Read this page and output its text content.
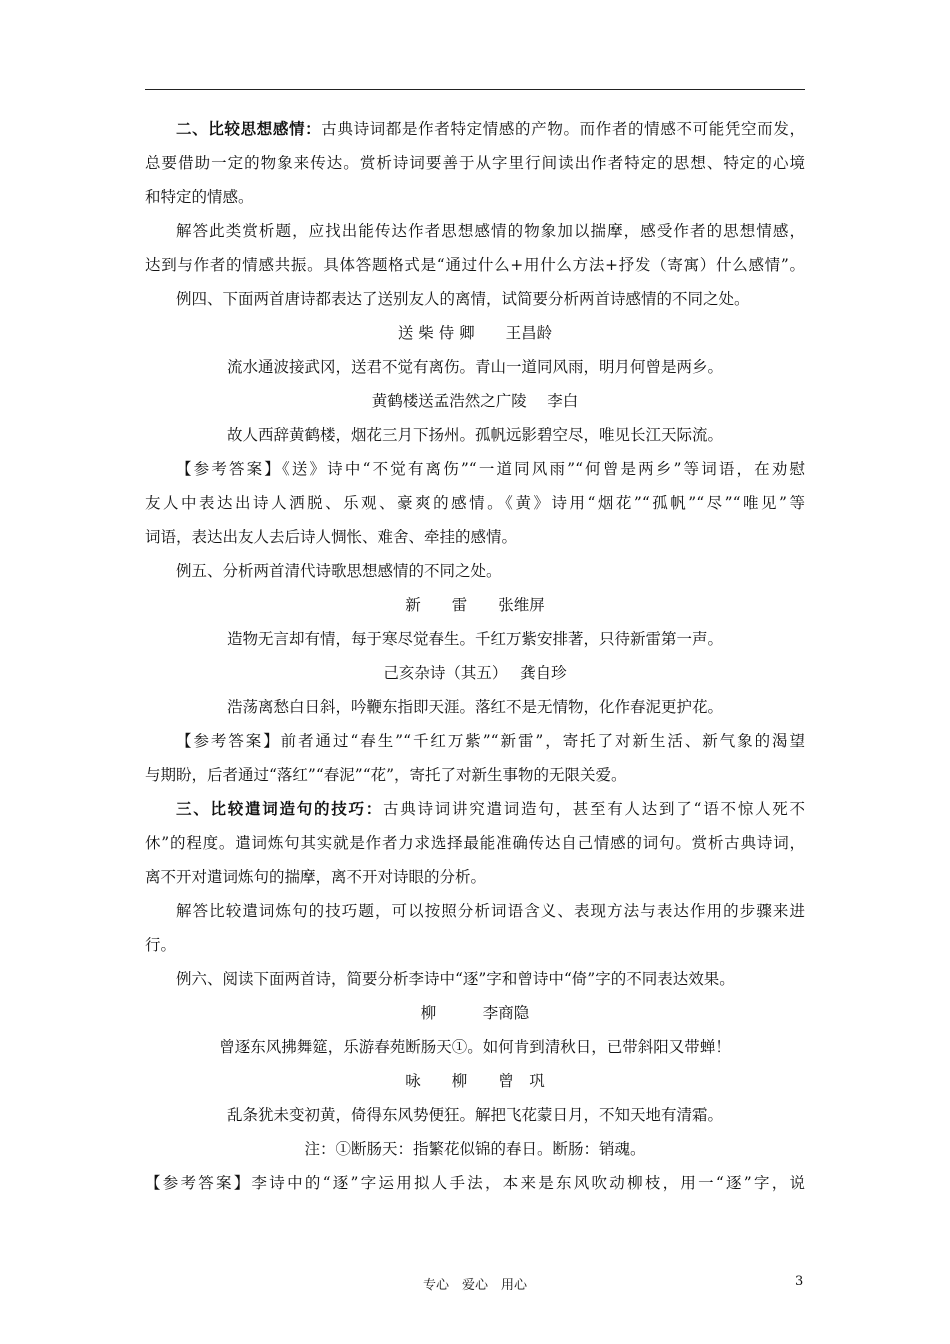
二、比较思想感情：古典诗词都是作者特定情感的产物。而作者的情感不可能凭空而发，
总要借助一定的物象来传达。赏析诗词要善于从字里行间读出作者特定的思想、特定的心境
和特定的情感。
解答此类赏析题，应找出能传达作者思想感情的物象加以揣摩，感受作者的思想情感，
达到与作者的情感共振。具体答题格式是“通过什么+用什么方法+抒发（寄寓）什么感情”。
例四、下面两首唐诗都表达了送别友人的离情，试简要分析两首诗感情的不同之处。
送 柴 侍 卿　　王昌龄
流水通波接武冈，送君不觉有离伤。青山一道同风雨，明月何曾是两乡。
黄鹤楼送孟浩然之广陵　 李白
故人西辞黄鹤楼，烟花三月下扬州。孤帆远影碧空尽，唯见长江天际流。
【参考答案】《送》诗中“不觉有离伤”“一道同风雨”“何曾是两乡”等词语，在劝慰
友人中表达出诗人洒脱、乐观、豪爽的感情。《黄》诗用“烟花”“孤帆”“尽”“唯见”等
词语，表达出友人去后诗人惆怅、难舍、牵挂的感情。
例五、分析两首清代诗歌思想感情的不同之处。
新　　雷　　张维屏
造物无言却有情，每于寒尽觉春生。千红万紫安排著，只待新雷第一声。
己亥杂诗（其五）　 龚自珍
浩荡离愁白日斜，吟鞭东指即天涯。落红不是无情物，化作春泥更护花。
【参考答案】前者通过“春生”“千红万紫”“新雷”，寄托了对新生活、新气象的渴望
与期盼，后者通过“落红”“春泥”“花”，寄托了对新生事物的无限关爱。
三、比较遣词造句的技巧：古典诗词讲究遣词造句，甚至有人达到了“语不惊人死不
休”的程度。遣词炼句其实就是作者力求选择最能准确传达自己情感的词句。赏析古典诗词，
离不开对遣词炼句的揣摩，离不开对诗眼的分析。
解答比较遣词炼句的技巧题，可以按照分析词语含义、表现方法与表达作用的步骤来进
行。
例六、阅读下面两首诗，简要分析李诗中“逐”字和曾诗中“倚”字的不同表达效果。
柳　　　李商隐
曾逐东风拂舞筵，乐游春苑断肠天①。如何肯到清秋日，已带斜阳又带蝉！
咏　　柳　　曾　巩
乱条犹未变初黄，倚得东风势便狂。解把飞花蒙日月，不知天地有清霜。
注：①断肠天：指繁花似锦的春日。断肠：销魂。
【参考答案】李诗中的“逐”字运用拟人手法，本来是东风吹动柳枝，用一“逐”字，说
专心　爱心　用心	3
